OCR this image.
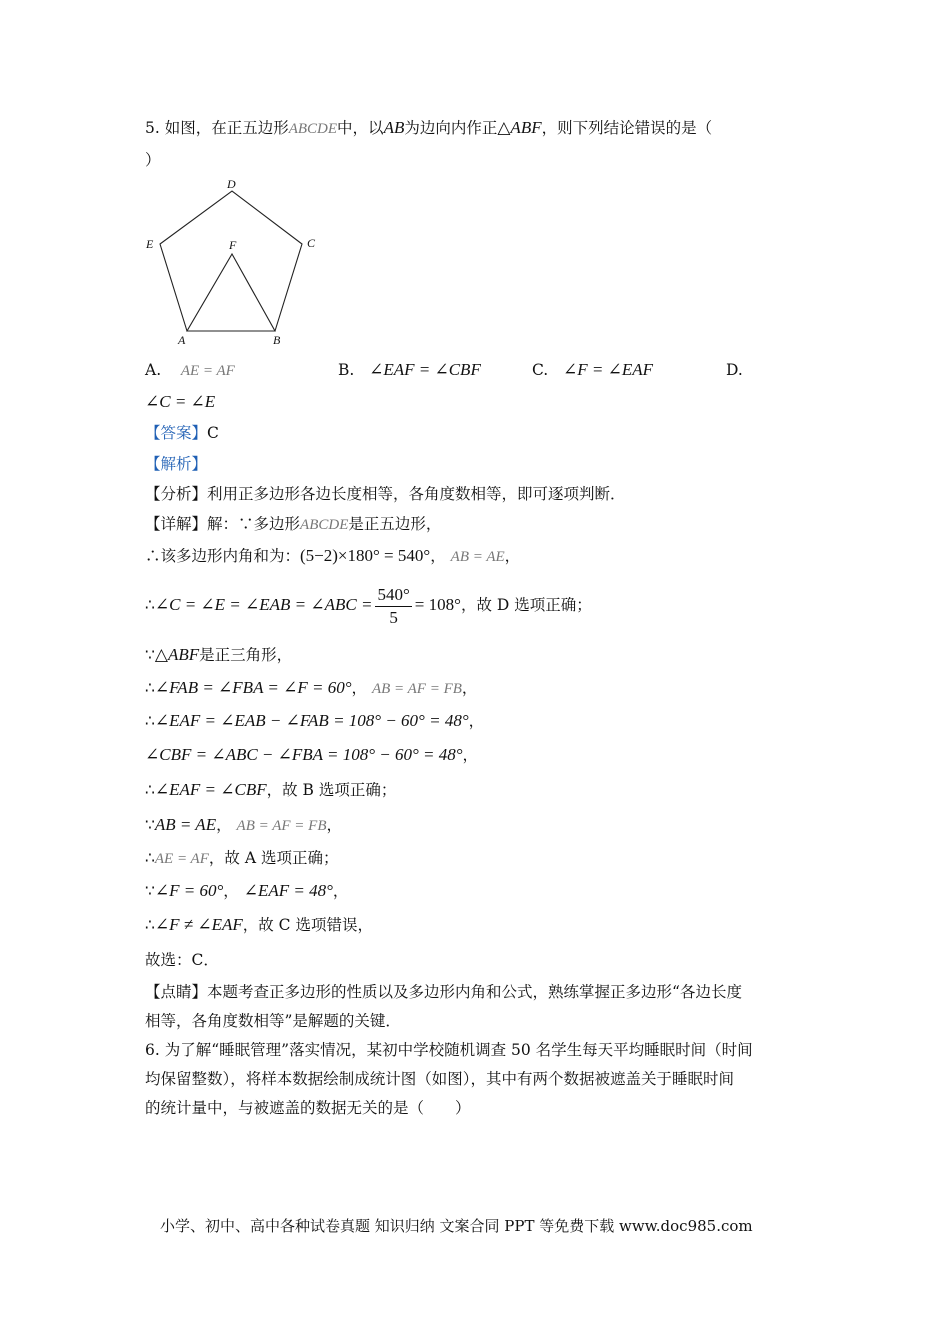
5. 如图，在正五边形ABCDE中，以AB为边向内作正△ABF，则下列结论错误的是（
）
A	B
C
D
E	F
A. AE = AF	B. ∠EAF = ∠CBF	C. ∠F = ∠EAF	D.
∠C = ∠E
【答案】C
【解析】
【分析】利用正多边形各边长度相等，各角度数相等，即可逐项判断．
【详解】解：∵多边形ABCDE是正五边形，
∴该多边形内角和为：(5−2)×180° = 540°， AB = AE，
∴∠C = ∠E = ∠EAB = ∠ABC = $\frac{540^\circ}{5} = 108^\circ$，故 D 选项正确；
∵△ABF是正三角形，
∴∠FAB = ∠FBA = ∠F = 60°， AB = AF = FB，
∴∠EAF = ∠EAB − ∠FAB = 108° − 60° = 48°，
∠CBF = ∠ABC − ∠FBA = 108° − 60° = 48°，
∴∠EAF = ∠CBF，故 B 选项正确；
∵AB = AE， AB = AF = FB，
∴AE = AF，故 A 选项正确；
∵∠F = 60°， ∠EAF = 48°，
∴∠F ≠ ∠EAF，故 C 选项错误，
故选：C．
【点睛】本题考查正多边形的性质以及多边形内角和公式，熟练掌握正多边形“各边长度
相等，各角度数相等”是解题的关键．
6. 为了解“睡眠管理”落实情况，某初中学校随机调查 50 名学生每天平均睡眠时间（时间
均保留整数），将样本数据绘制成统计图（如图），其中有两个数据被遮盖关于睡眠时间
的统计量中，与被遮盖的数据无关的是（　　）
小学、初中、高中各种试卷真题 知识归纳 文案合同 PPT 等免费下载 www.doc985.com
